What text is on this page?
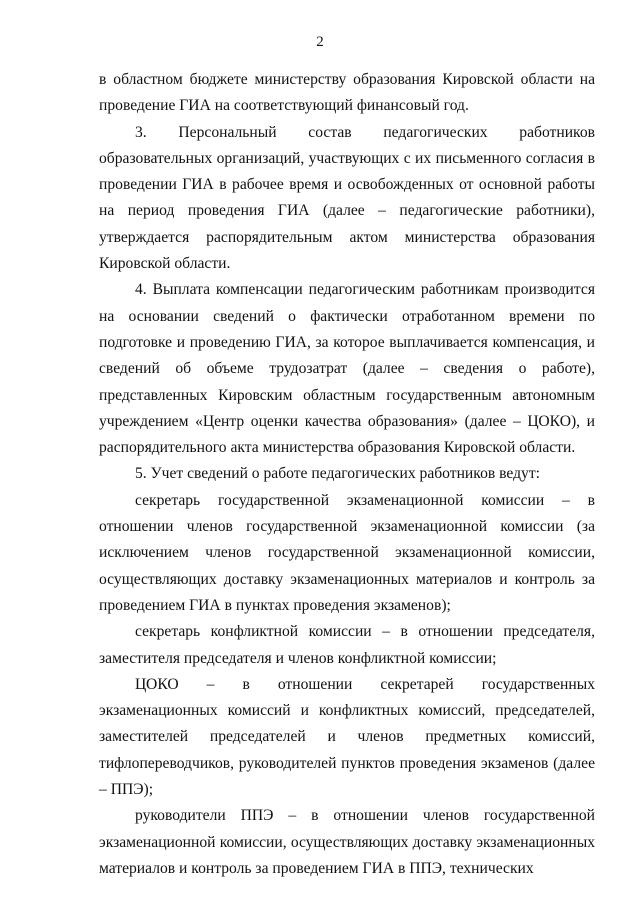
2

в областном бюджете министерству образования Кировской области на проведение ГИА на соответствующий финансовый год.

3. Персональный состав педагогических работников образовательных организаций, участвующих с их письменного согласия в проведении ГИА в рабочее время и освобожденных от основной работы на период проведения ГИА (далее – педагогические работники), утверждается распорядительным актом министерства образования Кировской области.

4. Выплата компенсации педагогическим работникам производится на основании сведений о фактически отработанном времени по подготовке и проведению ГИА, за которое выплачивается компенсация, и сведений об объеме трудозатрат (далее – сведения о работе), представленных Кировским областным государственным автономным учреждением «Центр оценки качества образования» (далее – ЦОКО), и распорядительного акта министерства образования Кировской области.

5. Учет сведений о работе педагогических работников ведут:

секретарь государственной экзаменационной комиссии – в отношении членов государственной экзаменационной комиссии (за исключением членов государственной экзаменационной комиссии, осуществляющих доставку экзаменационных материалов и контроль за проведением ГИА в пунктах проведения экзаменов);

секретарь конфликтной комиссии – в отношении председателя, заместителя председателя и членов конфликтной комиссии;

ЦОКО – в отношении секретарей государственных экзаменационных комиссий и конфликтных комиссий, председателей, заместителей председателей и членов предметных комиссий, тифлопереводчиков, руководителей пунктов проведения экзаменов (далее – ППЭ);

руководители ППЭ – в отношении членов государственной экзаменационной комиссии, осуществляющих доставку экзаменационных материалов и контроль за проведением ГИА в ППЭ, технических
